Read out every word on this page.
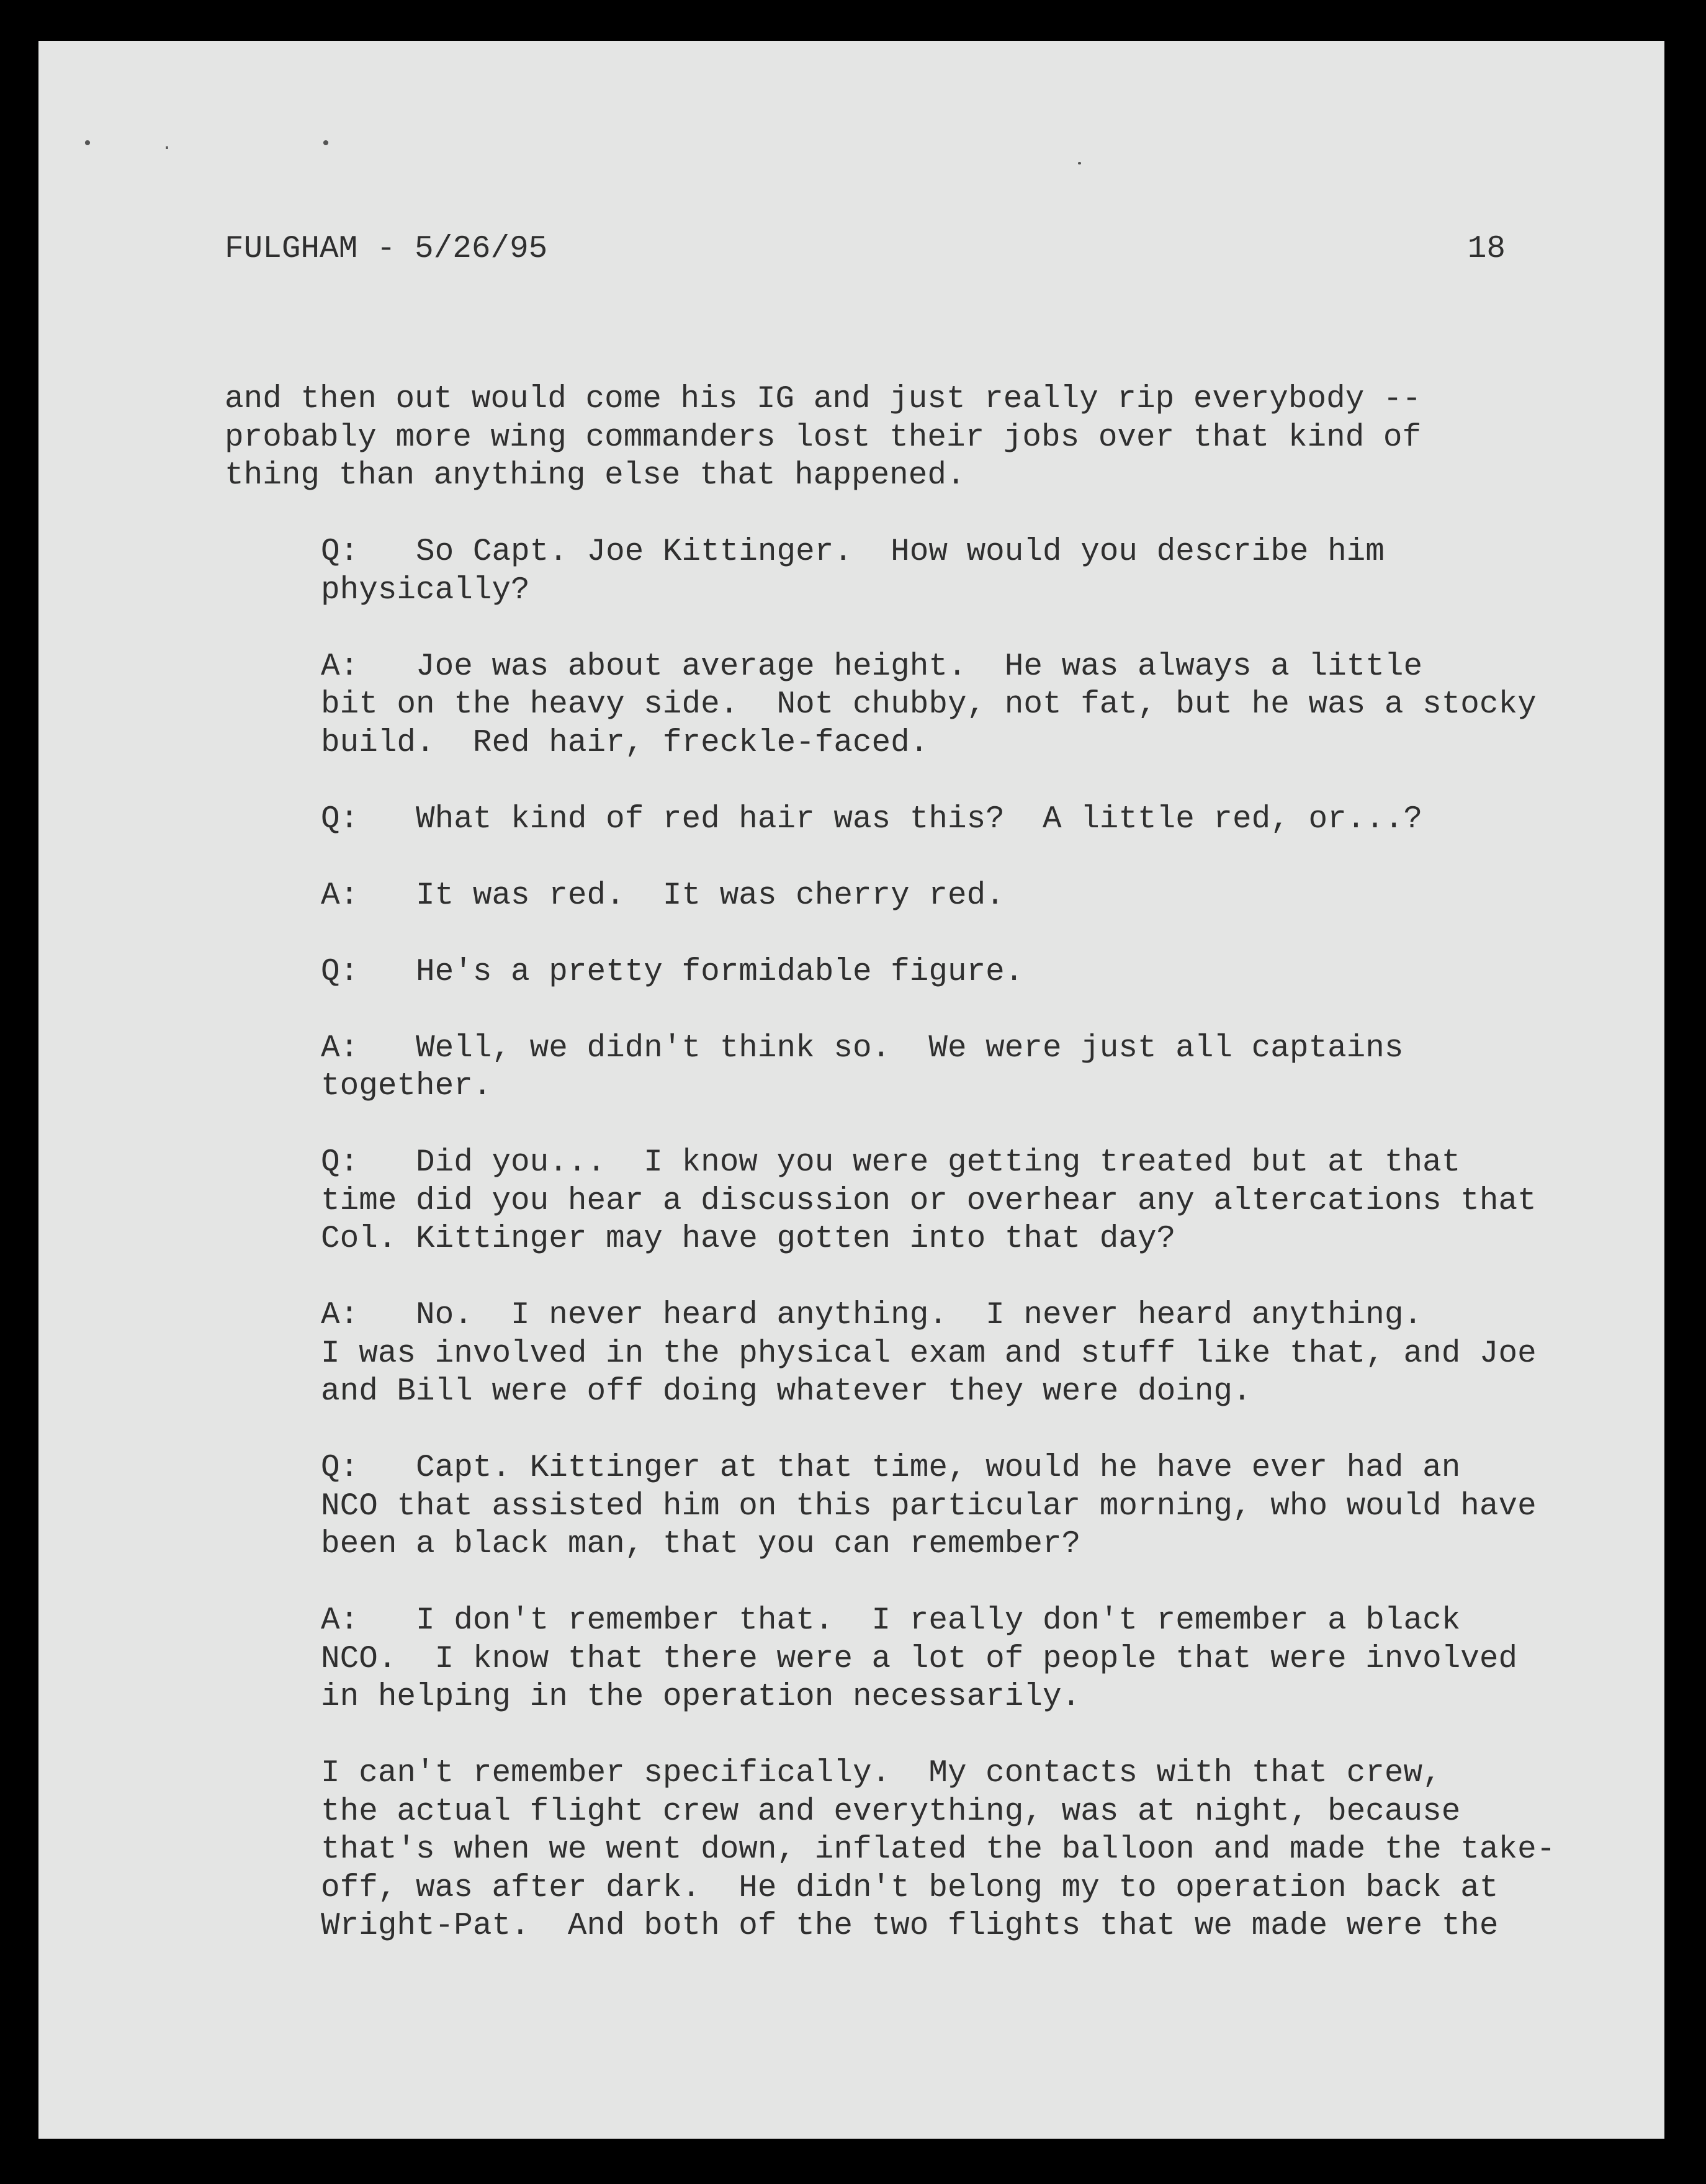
•. •
FULGHAM - 5/26/95	18
and then out would come his IG and just really rip everybody --
probably more wing commanders lost their jobs over that kind of
thing than anything else that happened.
Q:   So Capt. Joe Kittinger.  How would you describe him
physically?
A:   Joe was about average height.  He was always a little
bit on the heavy side.  Not chubby, not fat, but he was a stocky
build.  Red hair, freckle-faced.
Q:   What kind of red hair was this?  A little red, or...?
A:   It was red.  It was cherry red.
Q:   He's a pretty formidable figure.
A:   Well, we didn't think so.  We were just all captains
together.
Q:   Did you...  I know you were getting treated but at that
time did you hear a discussion or overhear any altercations that
Col. Kittinger may have gotten into that day?
A:   No.  I never heard anything.  I never heard anything.
I was involved in the physical exam and stuff like that, and Joe
and Bill were off doing whatever they were doing.
Q:   Capt. Kittinger at that time, would he have ever had an
NCO that assisted him on this particular morning, who would have
been a black man, that you can remember?
A:   I don't remember that.  I really don't remember a black
NCO.  I know that there were a lot of people that were involved
in helping in the operation necessarily.
I can't remember specifically.  My contacts with that crew,
the actual flight crew and everything, was at night, because
that's when we went down, inflated the balloon and made the take-
off, was after dark.  He didn't belong my to operation back at
Wright-Pat.  And both of the two flights that we made were the
